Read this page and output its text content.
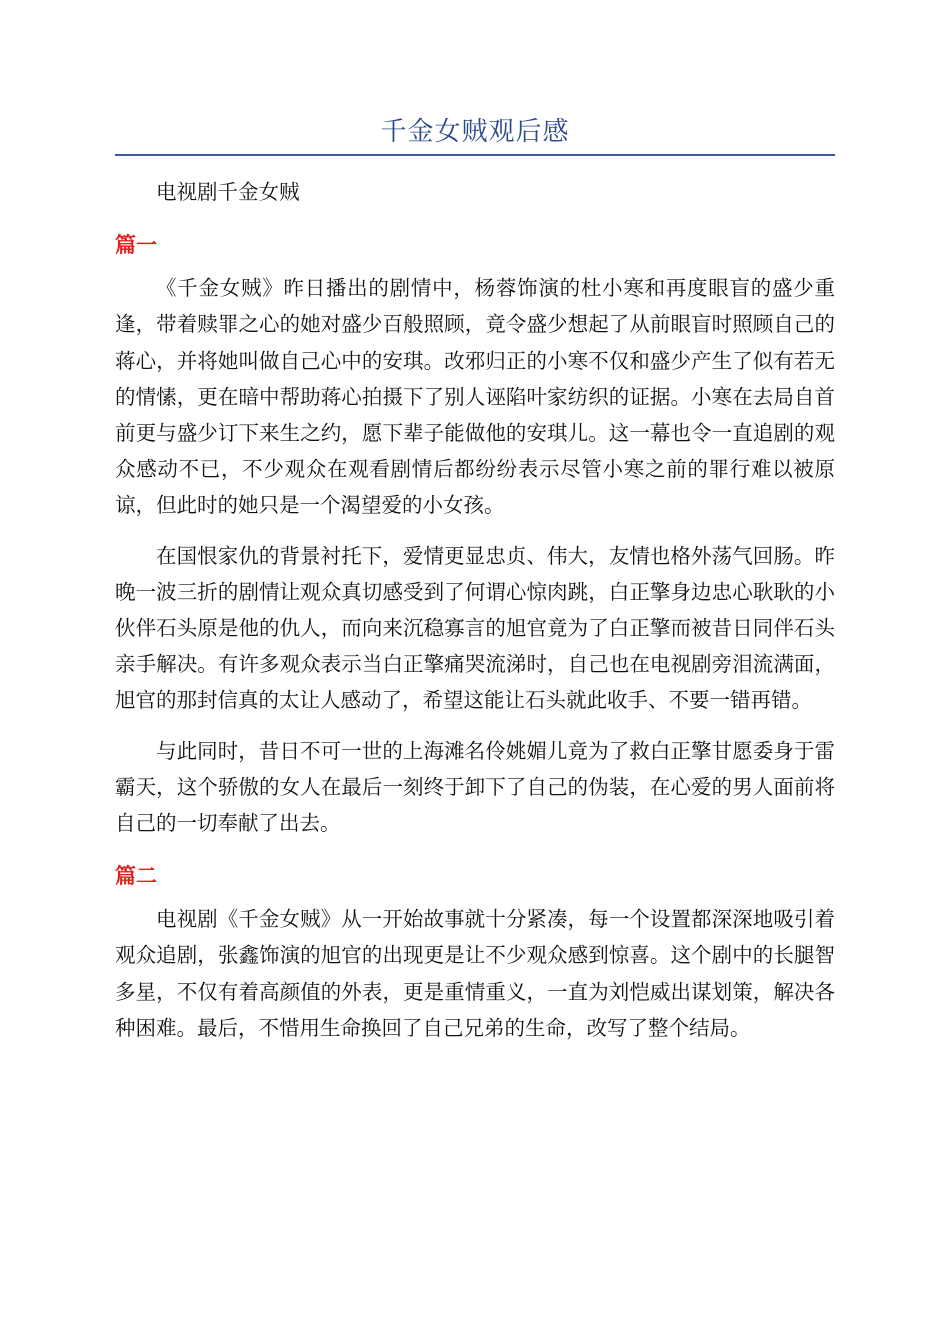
千金女贼观后感

电视剧千金女贼

篇一

《千金女贼》昨日播出的剧情中，杨蓉饰演的杜小寒和再度眼盲的盛少重逢，带着赎罪之心的她对盛少百般照顾，竟令盛少想起了从前眼盲时照顾自己的蒋心，并将她叫做自己心中的安琪。改邪归正的小寒不仅和盛少产生了似有若无的情愫，更在暗中帮助蒋心拍摄下了别人诬陷叶家纺织的证据。小寒在去局自首前更与盛少订下来生之约，愿下辈子能做他的安琪儿。这一幕也令一直追剧的观众感动不已，不少观众在观看剧情后都纷纷表示尽管小寒之前的罪行难以被原谅，但此时的她只是一个渴望爱的小女孩。

在国恨家仇的背景衬托下，爱情更显忠贞、伟大，友情也格外荡气回肠。昨晚一波三折的剧情让观众真切感受到了何谓心惊肉跳，白正擎身边忠心耿耿的小伙伴石头原是他的仇人，而向来沉稳寡言的旭官竟为了白正擎而被昔日同伴石头亲手解决。有许多观众表示当白正擎痛哭流涕时，自己也在电视剧旁泪流满面，旭官的那封信真的太让人感动了，希望这能让石头就此收手、不要一错再错。

与此同时，昔日不可一世的上海滩名伶姚媚儿竟为了救白正擎甘愿委身于雷霸天，这个骄傲的女人在最后一刻终于卸下了自己的伪装，在心爱的男人面前将自己的一切奉献了出去。

篇二

电视剧《千金女贼》从一开始故事就十分紧凑，每一个设置都深深地吸引着观众追剧，张鑫饰演的旭官的出现更是让不少观众感到惊喜。这个剧中的长腿智多星，不仅有着高颜值的外表，更是重情重义，一直为刘恺威出谋划策，解决各种困难。最后，不惜用生命换回了自己兄弟的生命，改写了整个结局。
